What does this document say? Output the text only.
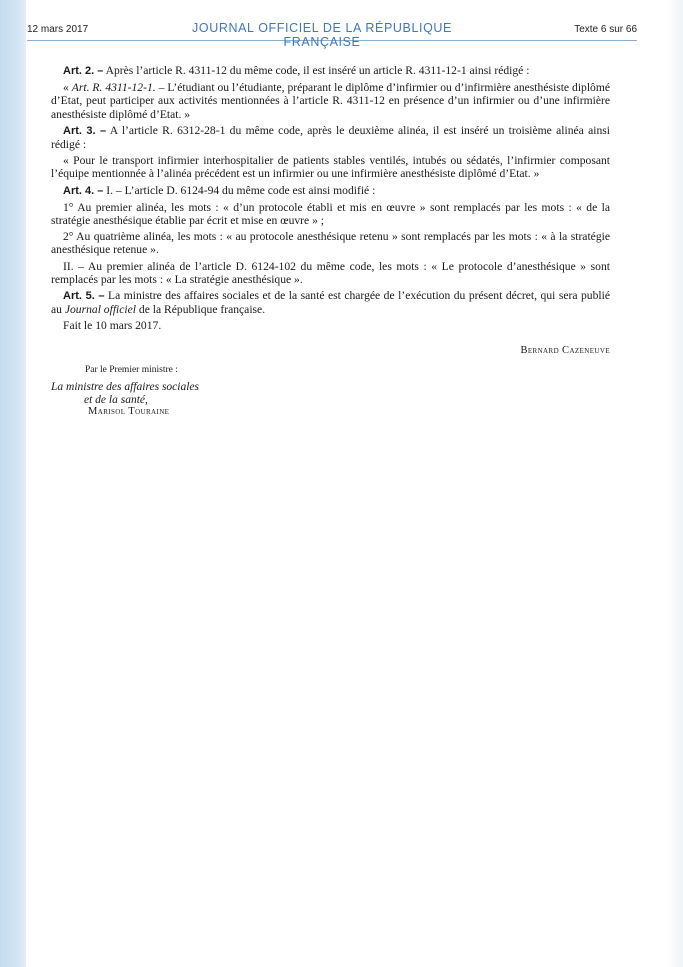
12 mars 2017	JOURNAL OFFICIEL DE LA RÉPUBLIQUE FRANÇAISE
Texte 6 sur 66

Art. 2. – Après l’article R. 4311-12 du même code, il est inséré un article R. 4311-12-1 ainsi rédigé :

« Art. R. 4311-12-1. – L’étudiant ou l’étudiante, préparant le diplôme d’infirmier ou d’infirmière anesthésiste diplômé d’Etat, peut participer aux activités mentionnées à l’article R. 4311-12 en présence d’un infirmier ou d’une infirmière anesthésiste diplômé d’Etat. »

Art. 3. – A l’article R. 6312-28-1 du même code, après le deuxième alinéa, il est inséré un troisième alinéa ainsi rédigé :

« Pour le transport infirmier interhospitalier de patients stables ventilés, intubés ou sédatés, l’infirmier composant l’équipe mentionnée à l’alinéa précédent est un infirmier ou une infirmière anesthésiste diplômé d’Etat. »

Art. 4. – I. – L’article D. 6124-94 du même code est ainsi modifié :

1° Au premier alinéa, les mots : « d’un protocole établi et mis en œuvre » sont remplacés par les mots : « de la stratégie anesthésique établie par écrit et mise en œuvre » ;

2° Au quatrième alinéa, les mots : « au protocole anesthésique retenu » sont remplacés par les mots : « à la stratégie anesthésique retenue ».

II. – Au premier alinéa de l’article D. 6124-102 du même code, les mots : « Le protocole d’anesthésique » sont remplacés par les mots : « La stratégie anesthésique ».

Art. 5. – La ministre des affaires sociales et de la santé est chargée de l’exécution du présent décret, qui sera publié au Journal officiel de la République française.

Fait le 10 mars 2017.

Bernard Cazeneuve
Par le Premier ministre :
La ministre des affaires sociales
et de la santé,
Marisol Touraine
